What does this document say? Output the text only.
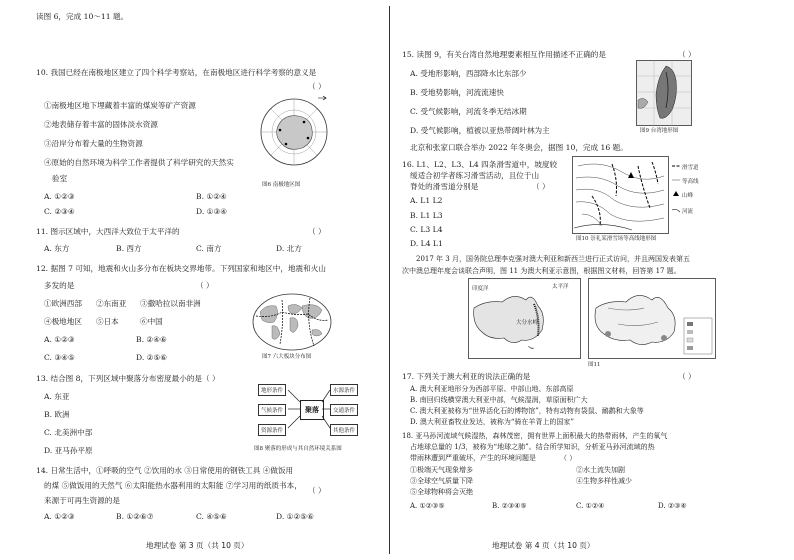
读图 6，完成 10～11 题。
10. 我国已经在南极地区建立了四个科学考察站，在南极地区进行科学考察的意义是
（ ）
①南极地区地下埋藏着丰富的煤炭等矿产资源
②地表储存着丰富的固体淡水资源
③沿岸分布着大量的生物资源
④原始的自然环境为科学工作者提供了科学研究的天然实
验室
A. ①②③	B. ①②④
C. ②③④	D. ①③④
图6 南极地区图
11. 图示区域中，大西洋大致位于太平洋的	（ ）
A. 东方	B. 西方	C. 南方	D. 北方
12. 据图 7 可知，地震和火山多分布在板块交界地带。下列国家和地区中，地震和火山
多发的是	（ ）
①欧洲西部 ②东南亚 ③撒哈拉以南非洲
④极地地区 ⑤日本	⑥中国
A. ①②③	B. ②④⑥
C. ③④⑤	D. ②⑤⑥	图7 六大板块分布图
13. 结合图 8，下列区域中聚落分布密度最小的是（ ）
A. 东亚
B. 欧洲
C. 北美洲中部
D. 亚马孙平原
聚落
地形条件	水源条件
气候条件	交通条件
资源条件	其他条件
图8 聚落的形成与其自然环境关系图
14. 日常生活中，①呼吸的空气 ②饮用的水 ③日常使用的钢铁工具 ④做饭用
的煤 ⑤做饭用的天然气 ⑥太阳能热水器利用的太阳能 ⑦学习用的纸质书本，
来源于可再生资源的是
（ ）
A. ①②③	B. ①②⑥⑦	C. ④⑤⑥	D. ①②⑤⑥
地理试卷 第 3 页（共 10 页）
15. 读图 9，有关台湾自然地理要素相互作用描述不正确的是	（ ）
A. 受地形影响，西部降水比东部少
B. 受地势影响，河流流速快
C. 受气候影响，河流冬季无结冰期
D. 受气候影响，植被以亚热带阔叶林为主	图9 台湾地形图
北京和张家口联合举办 2022 年冬奥会，据图 10，完成 16 题。
16. L1、L2、L3、L4 四条滑雪道中，坡度较
缓适合初学者练习滑雪活动，且位于山
脊处的滑雪道分别是	（ ）
A. L1 L2
B. L1 L3
C. L3 L4
D. L4 L1
滑雪道
等高线
山峰
河流
图10 崇礼某滑雪场等高线地形图
2017 年 3 月，国务院总理李克强对澳大利亚和新西兰进行正式访问，并且两国发表第五
次中澳总理年度会谈联合声明，图 11 为澳大利亚示意图，根据图文材料，回答第 17 题。
印度洋	太平洋
大分水岭
图11
17. 下列关于澳大利亚的说法正确的是	（ ）
A. 澳大利亚地形分为西部平原、中部山地、东部高原
B. 南回归线横穿澳大利亚中部，气候湿润，草原面积广大
C. 澳大利亚被称为“世界活化石的博物馆”，特有动物有袋鼠、鸸鹋和大象等
D. 澳大利亚畜牧业发达，被称为“骑在羊背上的国家”
18. 亚马孙河流域气候湿热，森林茂密，拥有世界上面积最大的热带雨林，产生的氧气
占地球总量的 1/3，被称为“地球之肺”。结合所学知识，分析亚马孙河流域的热
带雨林遭到严重破坏，产生的环境问题是	（ ）
①极端天气现象增多	②水土流失加剧
③全球空气质量下降	④生物多样性减少
⑤全球物种将会灭绝
A. ①②③⑤	B. ②③④⑤	C. ①②④	D. ②③④
地理试卷 第 4 页（共 10 页）
